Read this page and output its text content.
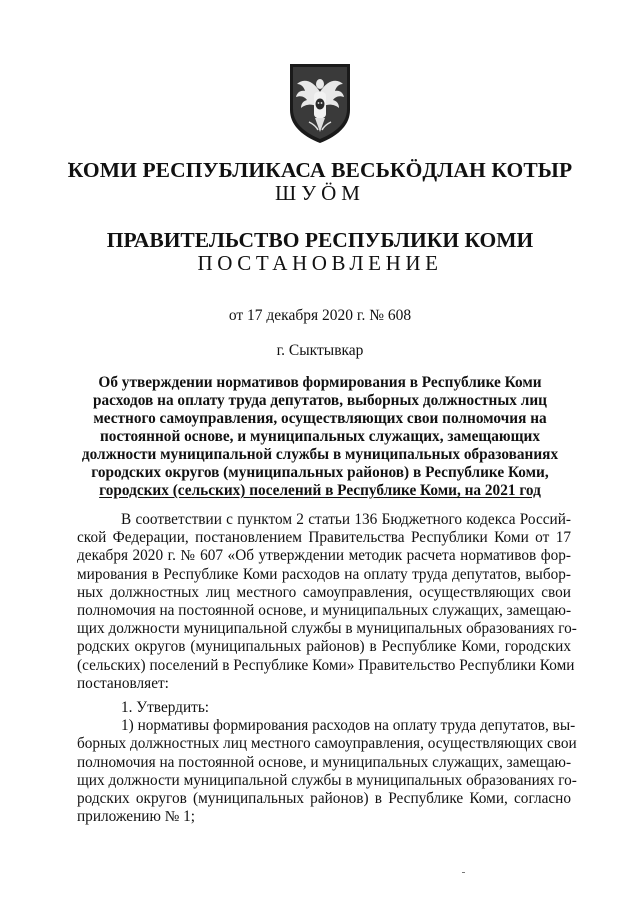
КОМИ РЕСПУБЛИКАСА ВЕСЬКӦДЛАН КОТЫР
ШУӦМ
ПРАВИТЕЛЬСТВО РЕСПУБЛИКИ КОМИ
ПОСТАНОВЛЕНИЕ
от 17 декабря 2020 г. № 608
г. Сыктывкар
Об утверждении нормативов формирования в Республике Коми
расходов на оплату труда депутатов, выборных должностных лиц
местного самоуправления, осуществляющих свои полномочия на
постоянной основе, и муниципальных служащих, замещающих
должности муниципальной службы в муниципальных образованиях
городских округов (муниципальных районов) в Республике Коми,
городских (сельских) поселений в Республике Коми, на 2021 год
В соответствии с пунктом 2 статьи 136 Бюджетного кодекса Россий-
ской Федерации, постановлением Правительства Республики Коми от 17
декабря 2020 г. № 607 «Об утверждении методик расчета нормативов фор-
мирования в Республике Коми расходов на оплату труда депутатов, выбор-
ных должностных лиц местного самоуправления, осуществляющих свои
полномочия на постоянной основе, и муниципальных служащих, замещаю-
щих должности муниципальной службы в муниципальных образованиях го-
родских округов (муниципальных районов) в Республике Коми, городских
(сельских) поселений в Республике Коми» Правительство Республики Коми
постановляет:
1. Утвердить:
1) нормативы формирования расходов на оплату труда депутатов, вы-
борных должностных лиц местного самоуправления, осуществляющих свои
полномочия на постоянной основе, и муниципальных служащих, замещаю-
щих должности муниципальной службы в муниципальных образованиях го-
родских округов (муниципальных районов) в Республике Коми, согласно
приложению № 1;
